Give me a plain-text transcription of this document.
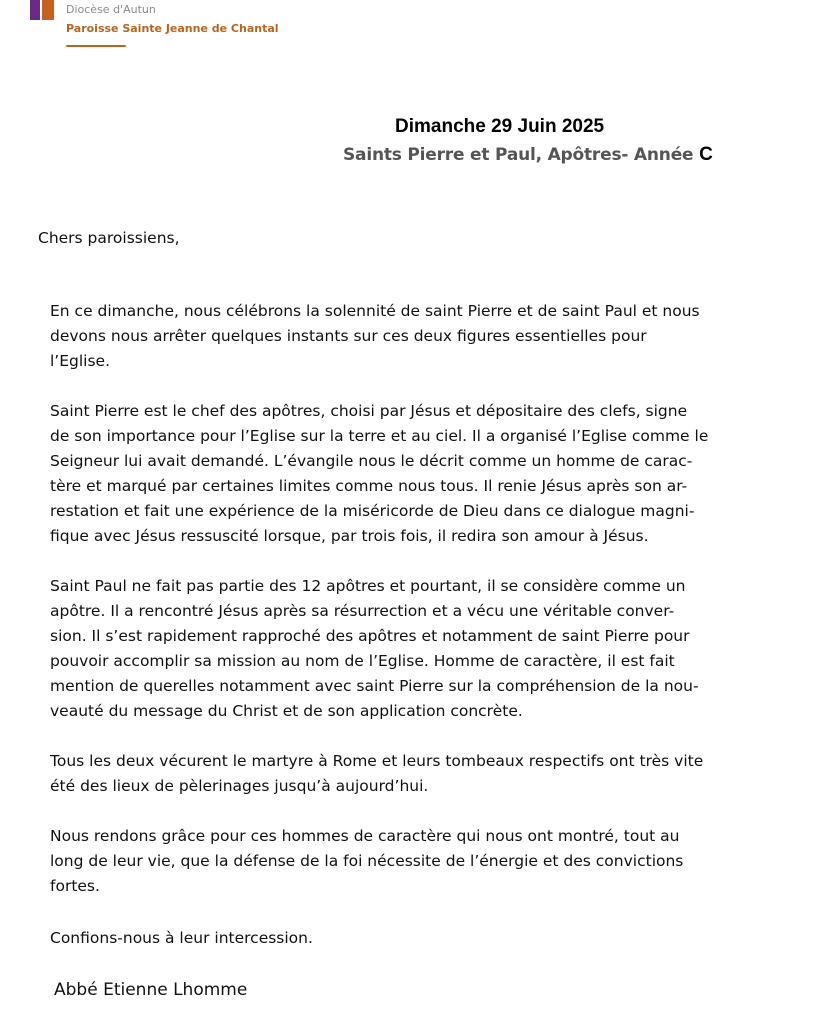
Diocèse d'Autun
Paroisse Sainte Jeanne de Chantal
Dimanche 29 Juin 2025
Saints Pierre et Paul, Apôtres- Année C
Chers paroissiens,
En ce dimanche, nous célébrons la solennité de saint Pierre et de saint Paul et nous
devons nous arrêter quelques instants sur ces deux figures essentielles pour
l’Eglise.
Saint Pierre est le chef des apôtres, choisi par Jésus et dépositaire des clefs, signe
de son importance pour l’Eglise sur la terre et au ciel. Il a organisé l’Eglise comme le
Seigneur lui avait demandé. L’évangile nous le décrit comme un homme de carac-
tère et marqué par certaines limites comme nous tous. Il renie Jésus après son ar-
restation et fait une expérience de la miséricorde de Dieu dans ce dialogue magni-
fique avec Jésus ressuscité lorsque, par trois fois, il redira son amour à Jésus.
Saint Paul ne fait pas partie des 12 apôtres et pourtant, il se considère comme un
apôtre. Il a rencontré Jésus après sa résurrection et a vécu une véritable conver-
sion. Il s’est rapidement rapproché des apôtres et notamment de saint Pierre pour
pouvoir accomplir sa mission au nom de l’Eglise. Homme de caractère, il est fait
mention de querelles notamment avec saint Pierre sur la compréhension de la nou-
veauté du message du Christ et de son application concrète.
Tous les deux vécurent le martyre à Rome et leurs tombeaux respectifs ont très vite
été des lieux de pèlerinages jusqu’à aujourd’hui.
Nous rendons grâce pour ces hommes de caractère qui nous ont montré, tout au
long de leur vie, que la défense de la foi nécessite de l’énergie et des convictions
fortes.
Confions-nous à leur intercession.
Abbé Etienne Lhomme
